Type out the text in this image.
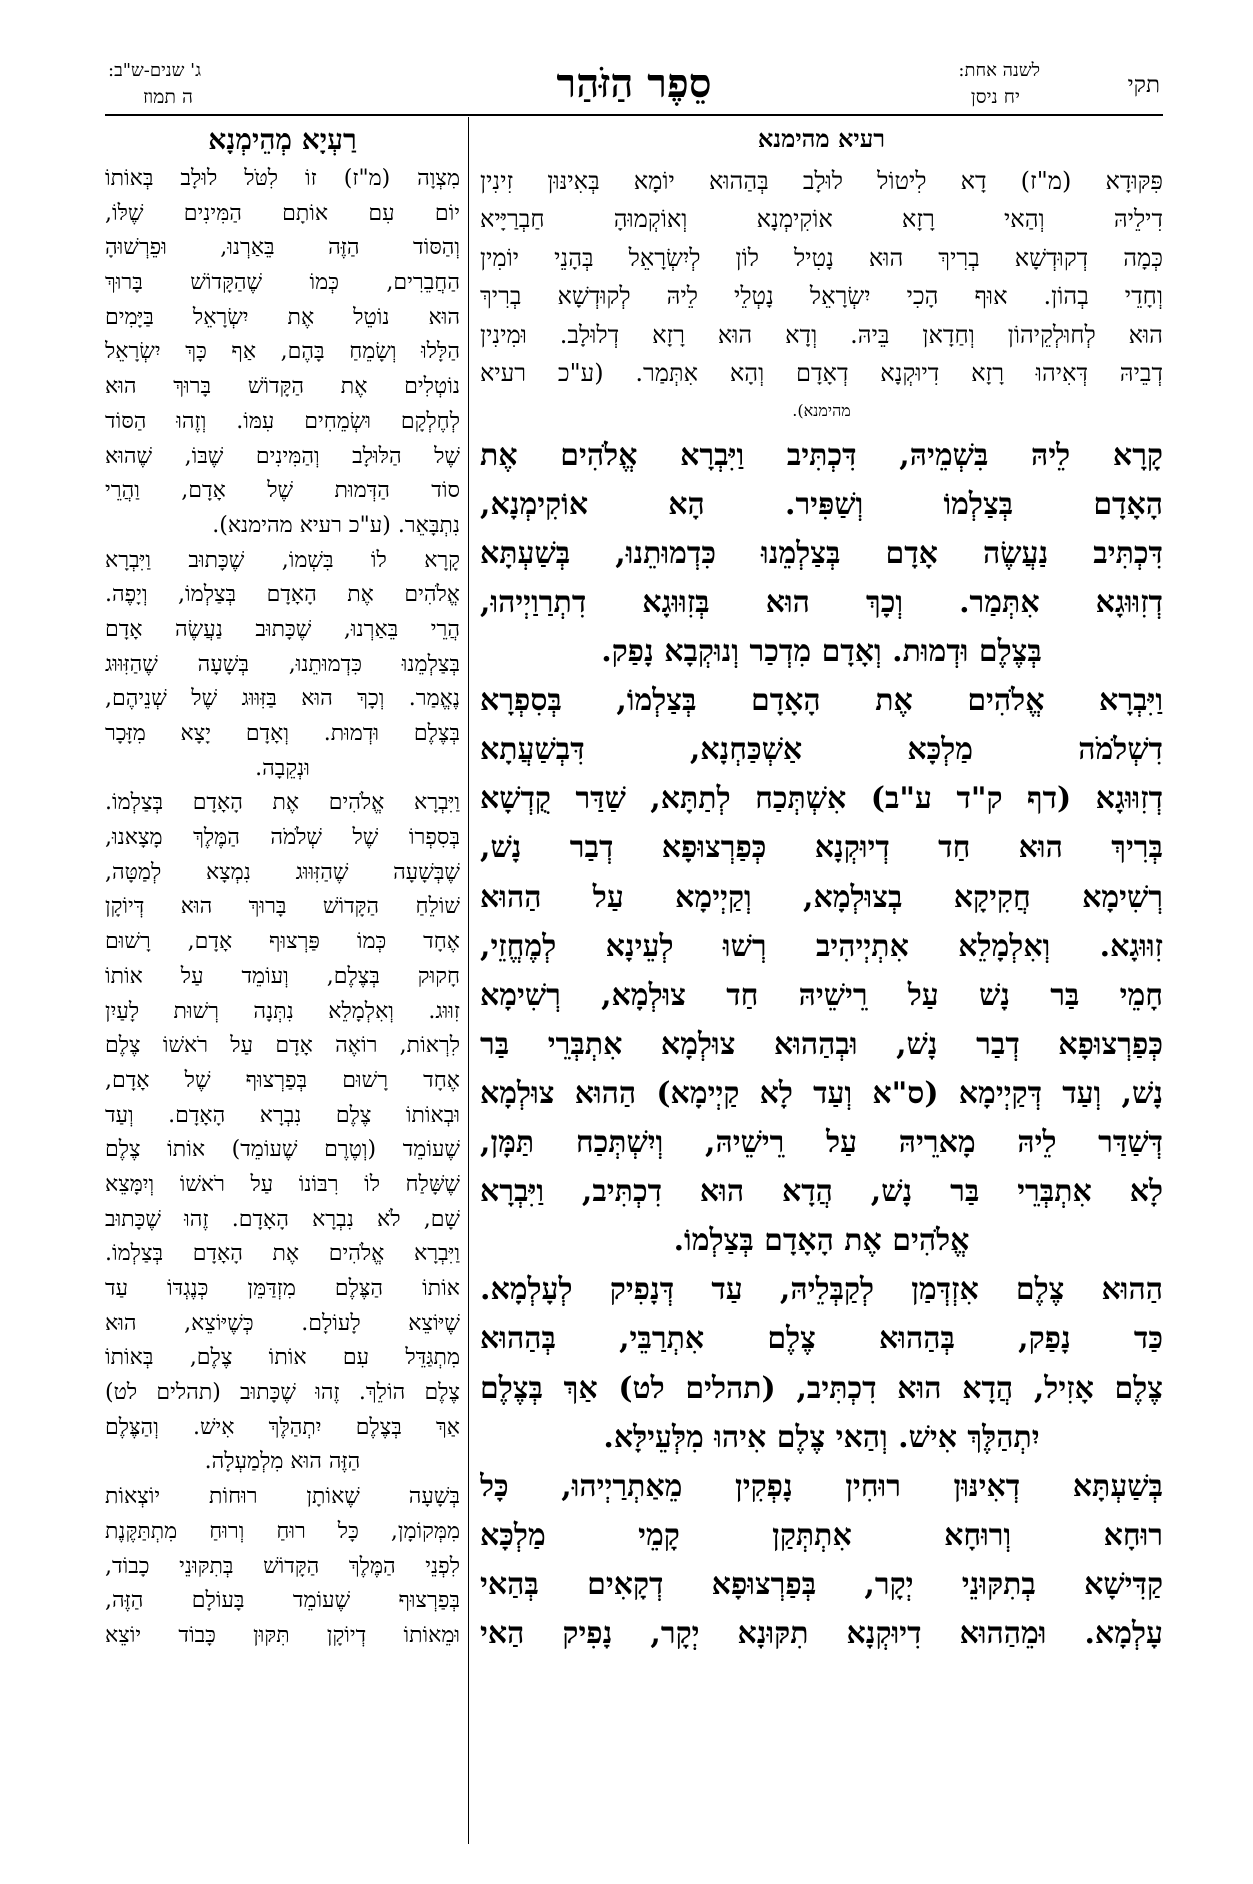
תקי
לשנה אחת:
יח ניסן
סֵפֶר הַזֹּהַר
ג' שנים-ש"ב:
ה תמוז
רעיא מהימנא
פִּקּוּדָא (מ"ז) דָא לִיטוֹל לוּלָב בְּהַהוּא יוֹמָא בְּאִינּוּן זִינִין
דִילֵיהּ וְהַאי רָזָא אוֹקִימְנָא וְאוֹקְמוּהָ חַבְרַיָּיא
כְּמָה דְקוּדְשָׁא בְרִיךְ הוּא נָטִיל לוֹן לְיִשְׂרָאֵל בְּהָנֵי יוֹמִין
וְחָדֵי בְהוֹן. אוּף הָכִי יִשְׂרָאֵל נָטְלֵי לֵיהּ לְקוּדְשָׁא בְרִיךְ
הוּא לְחוּלְקֵיהוֹן וְחַדָאן בֵּיהּ. וְדָא הוּא רָזָא דְלוּלָב. וּמִינִין
דְבֵיהּ דְּאִיהוּ רָזָא דִיוּקְנָא דְאָדָם וְהָא אִתְּמַר. (ע"כ רעיא
מהימנא).
קָרָא לֵיהּ בִּשְׁמֵיהּ, דִּכְתִּיב וַיִּבְרָא אֱלֹהִים אֶת
הָאָדָם בְּצַלְמוֹ וְשַׁפִּיר. הָא אוֹקִימְנָא,
דִּכְתִּיב נַעֲשֶׂה אָדָם בְּצַלְמֵנוּ כִּדְמוּתֵנוּ, בְּשַׁעְתָּא
דְזִוּוּגָא אִתְּמַר. וְכָךְ הוּא בְּזִוּוּגָא דִתְרַוַיְיהוּ,
בְּצֶלֶם וּדְמוּת. וְאָדָם מִדְכַר וְנוּקְבָא נָפַק.
וַיִּבְרָא אֱלֹהִים אֶת הָאָדָם בְּצַלְמוֹ, בְּסִפְרָא
דִשְׁלֹמֹה מַלְכָּא אַשְׁכַּחְנָא, דִּבְשַׁעֲתָא
דְזִוּוּגָא (דף ק"ד ע"ב) אִשְׁתְּכַח לְתַתָּא, שַׁדַּר קֻדְשָׁא
בְּרִיךְ הוּא חַד דְיוּקְנָא כְּפַרְצוּפָא דְבַר נָשׁ,
רְשִׁימָא חֲקִיקָא בְצוּלְמָא, וְקַיְימָא עַל הַהוּא
זִוּוּגָא. וְאִלְמָלֵא אִתְיְיהִיב רְשׁוּ לְעֵינָא לְמֶחֱזֵי,
חָמֵי בַּר נָשׁ עַל רֵישֵׁיהּ חַד צוּלְמָא, רְשִׁימָא
כְּפַרְצוּפָא דְבַר נָשׁ, וּבְהַהוּא צוּלְמָא אִתְבְּרֵי בַּר
נָשׁ, וְעַד דְּקַיְימָא (ס"א וְעַד לָא קַיְימָא) הַהוּא צוּלְמָא
דְּשַׁדַּר לֵיהּ מָארֵיהּ עַל רֵישֵׁיהּ, וְיִשְׁתְּכַח תַּמָּן,
לָא אִתְבְּרֵי בַּר נָשׁ, הֲדָא הוּא דִכְתִּיב, וַיִּבְרָא
אֱלֹהִים אֶת הָאָדָם בְּצַלְמוֹ.
הַהוּא צֶלֶם אִזְדְּמַן לְקַבְּלֵיהּ, עַד דְּנָפִיק לְעָלְמָא.
כַּד נָפַק, בְּהַהוּא צֶלֶם אִתְרַבֵּי, בְּהַהוּא
צֶלֶם אָזִיל, הֲדָא הוּא דִכְתִּיב, (תהלים לט) אַךְ בְּצֶלֶם
יִתְהַלֶּךְ אִישׁ. וְהַאי צֶלֶם אִיהוּ מִלְּעֵילָּא.
בְּשַׁעְתָּא דְאִינּוּן רוּחִין נָפְקִין מֵאַתְרַיְיהוּ, כָּל
רוּחָא וְרוּחָא אִתְתְּקַן קָמֵי מַלְכָּא
קַדִּישָׁא בְתִקּוּנֵי יְקָר, בְּפַרְצוּפָא דְקָאִים בְּהַאי
עָלְמָא. וּמֵהַהוּא דִיוּקְנָא תִקּוּנָא יְקָר, נָפִיק הַאי
רַעְיָא מְהֵימְנָא
מִצְוָה (מ"ז) זוֹ לִטֹּל לוּלָב בְּאוֹתוֹ
יוֹם עִם אוֹתָם הַמִּינִים שֶׁלּוֹ,
וְהַסּוֹד הַזֶּה בֵּאַרְנוּ, וּפֵרְשׁוּהָ
הַחֲבֵרִים, כְּמוֹ שֶׁהַקָּדוֹשׁ בָּרוּךְ
הוּא נוֹטֵל אֶת יִשְׂרָאֵל בַּיָּמִים
הַלָּלוּ וְשָׂמֵחַ בָּהֶם, אַף כָּךְ יִשְׂרָאֵל
נוֹטְלִים אֶת הַקָּדוֹשׁ בָּרוּךְ הוּא
לְחֶלְקָם וּשְׂמֵחִים עִמּוֹ. וְזֶהוּ הַסּוֹד
שֶׁל הַלּוּלָב וְהַמִּינִים שֶׁבּוֹ, שֶׁהוּא
סוֹד הַדְּמוּת שֶׁל אָדָם, וַהֲרֵי
נִתְבָּאֵר. (ע"כ רעיא מהימנא).
קָרָא לוֹ בִּשְׁמוֹ, שֶׁכָּתוּב וַיִּבְרָא
אֱלֹהִים אֶת הָאָדָם בְּצַלְמוֹ, וְיָפֶה.
הֲרֵי בֵּאַרְנוּ, שֶׁכָּתוּב נַעֲשֶׂה אָדָם
בְּצַלְמֵנוּ כִּדְמוּתֵנוּ, בְּשָׁעָה שֶׁהַזִּוּוּג
נֶאֱמַר. וְכָךְ הוּא בַּזִּוּוּג שֶׁל שְׁנֵיהֶם,
בְּצֶלֶם וּדְמוּת. וְאָדָם יָצָא מִזָּכָר
וּנְקֵבָה.
וַיִּבְרָא אֱלֹהִים אֶת הָאָדָם בְּצַלְמוֹ.
בְּסִפְרוֹ שֶׁל שְׁלֹמֹה הַמֶּלֶךְ מָצָאנוּ,
שֶׁבְּשָׁעָה שֶׁהַזִּוּוּג נִמְצָא לְמַטָּה,
שׁוֹלֵחַ הַקָּדוֹשׁ בָּרוּךְ הוּא דְּיוֹקָן
אֶחָד כְּמוֹ פַּרְצוּף אָדָם, רָשׁוּם
חָקוּק בְּצֶלֶם, וְעוֹמֵד עַל אוֹתוֹ
זִוּוּג. וְאִלְמָלֵא נִתְּנָה רְשׁוּת לָעַיִן
לִרְאוֹת, רוֹאֶה אָדָם עַל רֹאשׁוֹ צֶלֶם
אֶחָד רָשׁוּם בְּפַרְצוּף שֶׁל אָדָם,
וּבְאוֹתוֹ צֶלֶם נִבְרָא הָאָדָם. וְעַד
שֶׁעוֹמֵד (וְטֶרֶם שֶׁעוֹמֵד) אוֹתוֹ צֶלֶם
שֶׁשָּׁלַח לוֹ רִבּוֹנוֹ עַל רֹאשׁוֹ וְיִמָּצֵא
שָׁם, לֹא נִבְרָא הָאָדָם. זֶהוּ שֶׁכָּתוּב
וַיִּבְרָא אֱלֹהִים אֶת הָאָדָם בְּצַלְמוֹ.
אוֹתוֹ הַצֶּלֶם מִזְדַּמֵּן כְּנֶגְדּוֹ עַד
שֶׁיּוֹצֵא לָעוֹלָם. כְּשֶׁיּוֹצֵא, הוּא
מִתְגַּדֵּל עִם אוֹתוֹ צֶלֶם, בְּאוֹתוֹ
צֶלֶם הוֹלֵךְ. זֶהוּ שֶׁכָּתוּב (תהלים לט)
אַךְ בְּצֶלֶם יִתְהַלֶּךְ אִישׁ. וְהַצֶּלֶם
הַזֶּה הוּא מִלְמַעְלָה.
בְּשָׁעָה שֶׁאוֹתָן רוּחוֹת יוֹצְאוֹת
מִמְּקוֹמָן, כָּל רוּחַ וְרוּחַ מִתְתַּקֶּנֶת
לִפְנֵי הַמֶּלֶךְ הַקָּדוֹשׁ בְּתִקּוּנֵי כָבוֹד,
בְּפַרְצוּף שֶׁעוֹמֵד בָּעוֹלָם הַזֶּה,
וּמֵאוֹתוֹ דְיוֹקָן תִּקּוּן כָּבוֹד יוֹצֵא
